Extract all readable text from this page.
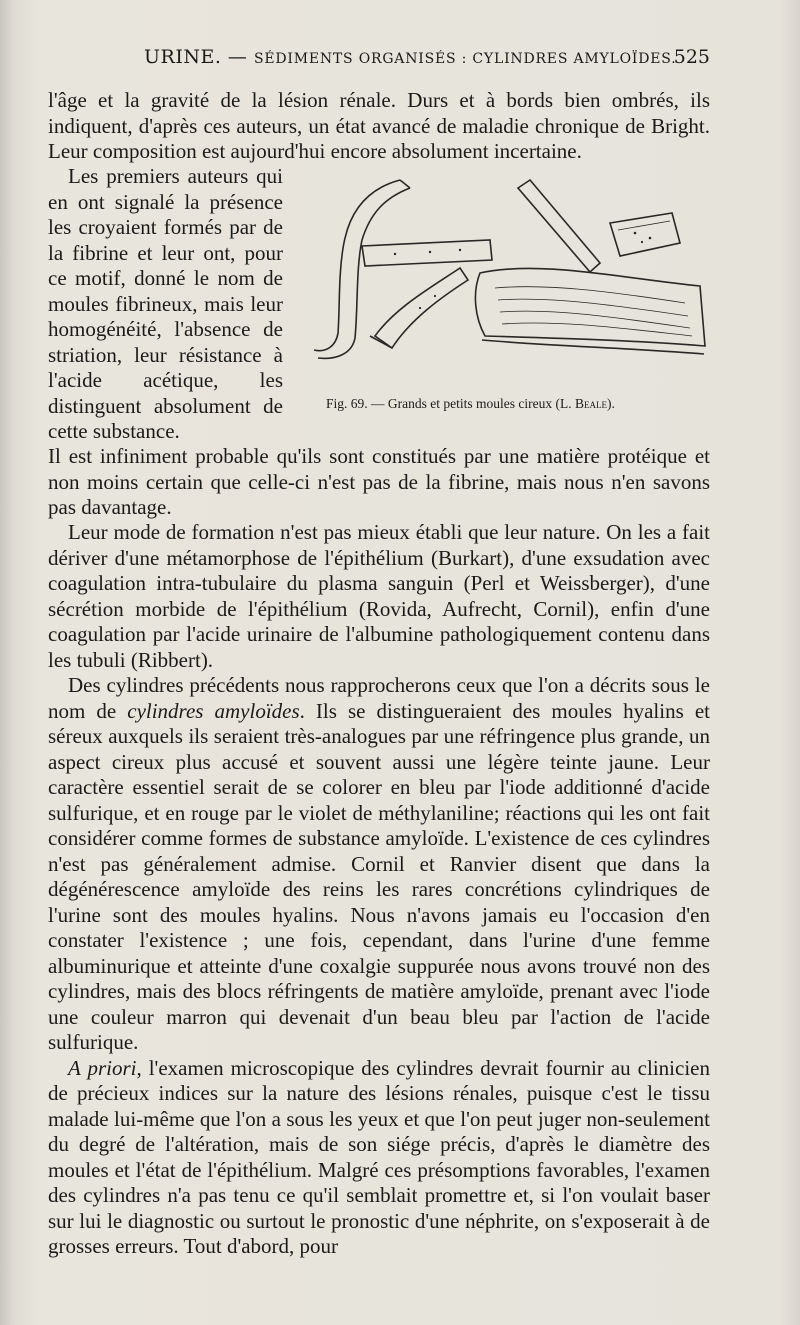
URINE. — SÉDIMENTS ORGANISÉS : CYLINDRES AMYLOÏDES.
525

l'âge et la gravité de la lésion rénale. Durs et à bords bien ombrés, ils indiquent, d'après ces auteurs, un état avancé de maladie chronique de Bright. Leur composition est aujourd'hui encore absolument incertaine.

Les premiers auteurs qui en ont signalé la présence les croyaient formés par de la fibrine et leur ont, pour ce motif, donné le nom de moules fibrineux, mais leur homogénéité, l'absence de striation, leur résistance à l'acide acétique, les distinguent absolument de cette substance.

Fig. 69. — Grands et petits moules cireux (L. Beale).

Il est infiniment probable qu'ils sont constitués par une matière protéique et non moins certain que celle-ci n'est pas de la fibrine, mais nous n'en savons pas davantage.

Leur mode de formation n'est pas mieux établi que leur nature. On les a fait dériver d'une métamorphose de l'épithélium (Burkart), d'une exsudation avec coagulation intra-tubulaire du plasma sanguin (Perl et Weissberger), d'une sécrétion morbide de l'épithélium (Rovida, Aufrecht, Cornil), enfin d'une coagulation par l'acide urinaire de l'albumine pathologiquement contenu dans les tubuli (Ribbert).

Des cylindres précédents nous rapprocherons ceux que l'on a décrits sous le nom de cylindres amyloïdes. Ils se distingueraient des moules hyalins et séreux auxquels ils seraient très-analogues par une réfringence plus grande, un aspect cireux plus accusé et souvent aussi une légère teinte jaune. Leur caractère essentiel serait de se colorer en bleu par l'iode additionné d'acide sulfurique, et en rouge par le violet de méthylaniline; réactions qui les ont fait considérer comme formes de substance amyloïde. L'existence de ces cylindres n'est pas généralement admise. Cornil et Ranvier disent que dans la dégénérescence amyloïde des reins les rares concrétions cylindriques de l'urine sont des moules hyalins. Nous n'avons jamais eu l'occasion d'en constater l'existence ; une fois, cependant, dans l'urine d'une femme albuminurique et atteinte d'une coxalgie suppurée nous avons trouvé non des cylindres, mais des blocs réfringents de matière amyloïde, prenant avec l'iode une couleur marron qui devenait d'un beau bleu par l'action de l'acide sulfurique.

A priori, l'examen microscopique des cylindres devrait fournir au clinicien de précieux indices sur la nature des lésions rénales, puisque c'est le tissu malade lui-même que l'on a sous les yeux et que l'on peut juger non-seulement du degré de l'altération, mais de son siége précis, d'après le diamètre des moules et l'état de l'épithélium. Malgré ces présomptions favorables, l'examen des cylindres n'a pas tenu ce qu'il semblait promettre et, si l'on voulait baser sur lui le diagnostic ou surtout le pronostic d'une néphrite, on s'exposerait à de grosses erreurs. Tout d'abord, pour
